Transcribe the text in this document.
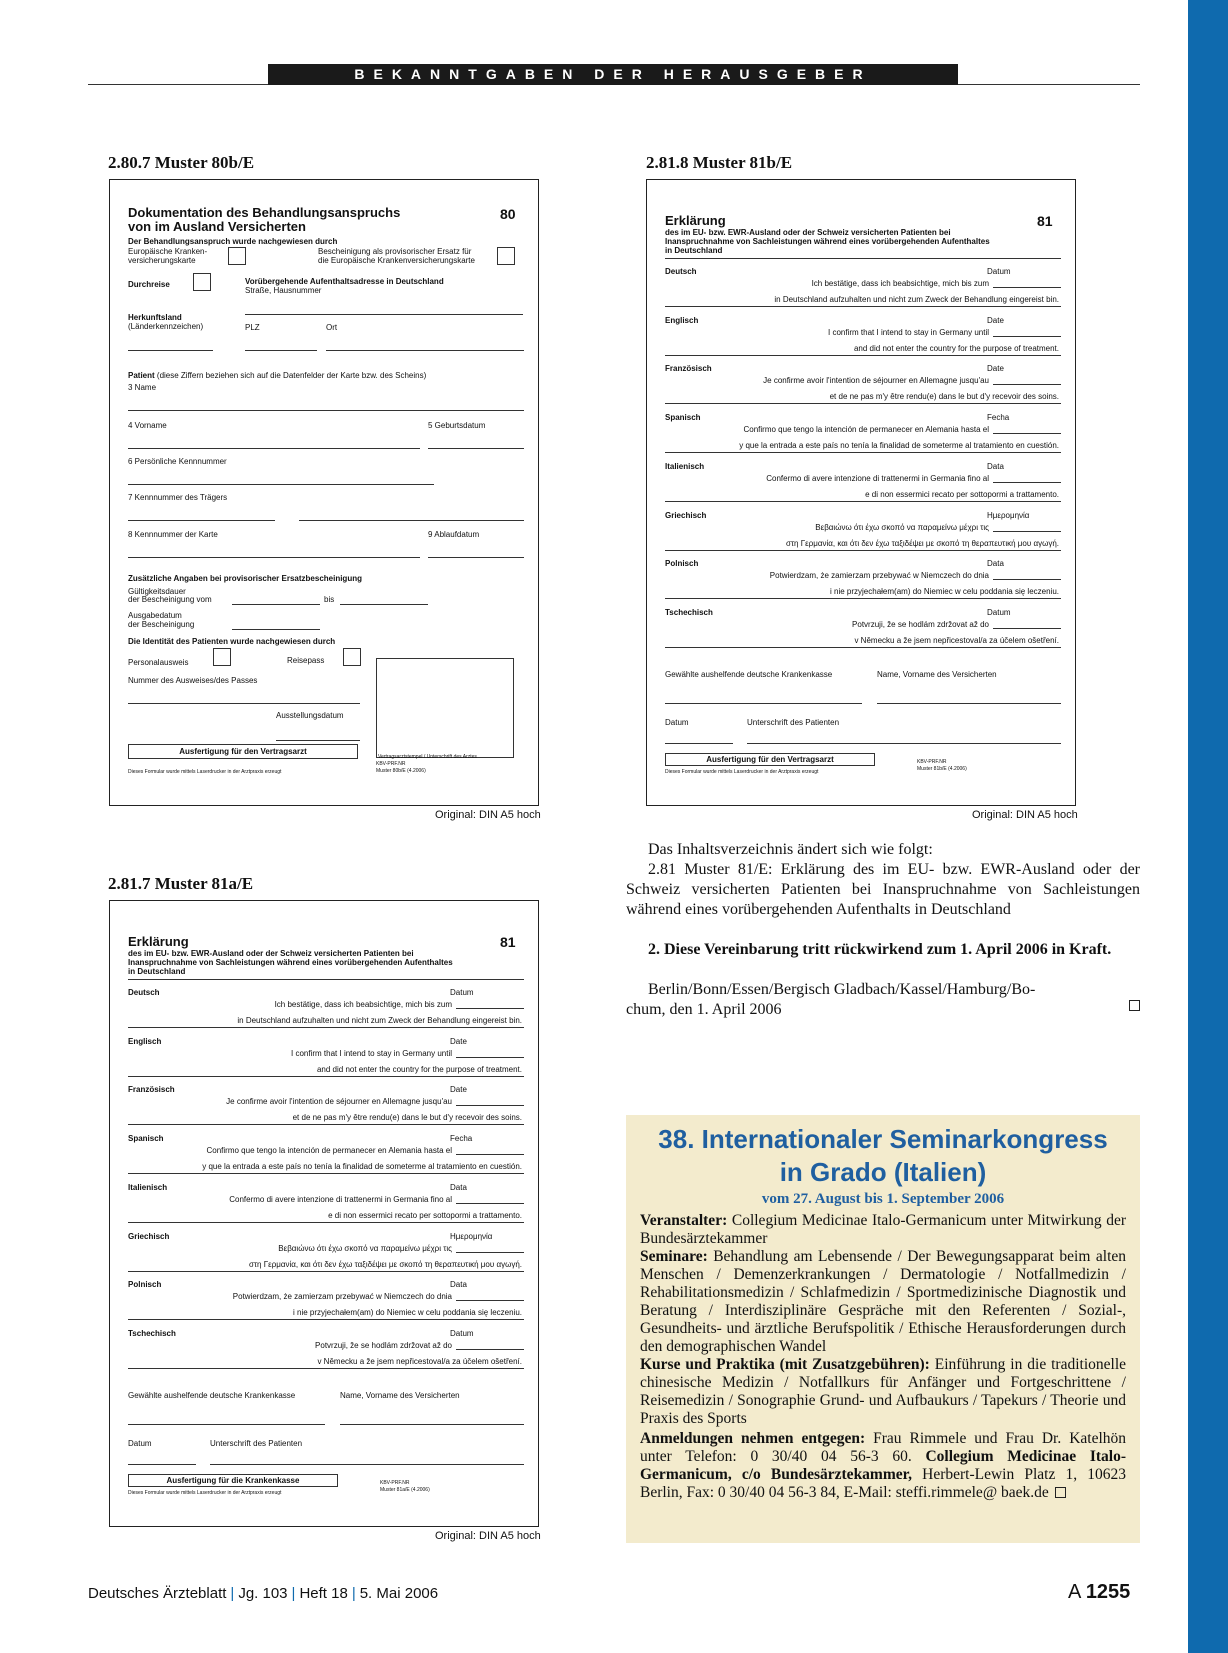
BEKANNTGABEN DER HERAUSGEBER
2.80.7 Muster 80b/E	2.81.8 Muster 81b/E
2.81.7 Muster 81a/E
Dokumentation des Behandlungsanspruchs
von im Ausland Versicherten
80
Der Behandlungsanspruch wurde nachgewiesen durch
Europäische Kranken-
versicherungskarte
Bescheinigung als provisorischer Ersatz für
die Europäische Krankenversicherungskarte
Durchreise	Vorübergehende Aufenthaltsadresse in Deutschland
Straße, Hausnummer
Herkunftsland
(Länderkennzeichen)	PLZ	Ort
Patient (diese Ziffern beziehen sich auf die Datenfelder der Karte bzw. des Scheins)
3 Name
4 Vorname	5 Geburtsdatum
6 Persönliche Kennnummer
7 Kennnummer des Trägers
8 Kennnummer der Karte	9 Ablaufdatum
Zusätzliche Angaben bei provisorischer Ersatzbescheinigung
Gültigkeitsdauer
der Bescheinigung vom	bis
Ausgabedatum
der Bescheinigung
Die Identität des Patienten wurde nachgewiesen durch
Personalausweis	Reisepass
Nummer des Ausweises/des Passes
Ausstellungsdatum
Vertragsarztstempel / Unterschrift des Arztes
Ausfertigung für den Vertragsarzt
Dieses Formular wurde mittels Laserdrucker in der Arztpraxis erzeugt
KBV-PRF.NR
Muster 80b/E (4.2006)
Original: DIN A5 hoch
Erklärung	81
des im EU- bzw. EWR-Ausland oder der Schweiz versicherten Patienten bei
Inanspruchnahme von Sachleistungen während eines vorübergehenden Aufenthaltes
in Deutschland
Deutsch	Datum
Ich bestätige, dass ich beabsichtige, mich bis zum
in Deutschland aufzuhalten und nicht zum Zweck der Behandlung eingereist bin.
Englisch	Date
I confirm that I intend to stay in Germany until
and did not enter the country for the purpose of treatment.
Französisch	Date
Je confirme avoir l'intention de séjourner en Allemagne jusqu'au
et de ne pas m'y être rendu(e) dans le but d'y recevoir des soins.
Spanisch	Fecha
Confirmo que tengo la intención de permanecer en Alemania hasta el
y que la entrada a este país no tenía la finalidad de someterme al tratamiento en cuestión.
Italienisch	Data
Confermo di avere intenzione di trattenermi in Germania fino al
e di non essermici recato per sottopormi a trattamento.
Griechisch	Ημερομηνία
Βεβαιώνω ότι έχω σκοπό να παραμείνω μέχρι τις
στη Γερμανία, και ότι δεν έχω ταξιδέψει με σκοπό τη θεραπευτική μου αγωγή.
Polnisch	Data
Potwierdzam, że zamierzam przebywać w Niemczech do dnia
i nie przyjechałem(am) do Niemiec w celu poddania się leczeniu.
Tschechisch	Datum
Potvrzuji, že se hodlám zdržovat až do
v Německu a že jsem nepřicestoval/a za účelem ošetření.
Gewählte aushelfende deutsche Krankenkasse	Name, Vorname des Versicherten
Datum	Unterschrift des Patienten
Ausfertigung für den Vertragsarzt
Dieses Formular wurde mittels Laserdrucker in der Arztpraxis erzeugt
KBV-PRF.NR
Muster 81b/E (4.2006)
Original: DIN A5 hoch
Erklärung	81
des im EU- bzw. EWR-Ausland oder der Schweiz versicherten Patienten bei
Inanspruchnahme von Sachleistungen während eines vorübergehenden Aufenthaltes
in Deutschland
Deutsch	Datum
Ich bestätige, dass ich beabsichtige, mich bis zum
in Deutschland aufzuhalten und nicht zum Zweck der Behandlung eingereist bin.
Englisch	Date
I confirm that I intend to stay in Germany until
and did not enter the country for the purpose of treatment.
Französisch	Date
Je confirme avoir l'intention de séjourner en Allemagne jusqu'au
et de ne pas m'y être rendu(e) dans le but d'y recevoir des soins.
Spanisch	Fecha
Confirmo que tengo la intención de permanecer en Alemania hasta el
y que la entrada a este país no tenía la finalidad de someterme al tratamiento en cuestión.
Italienisch	Data
Confermo di avere intenzione di trattenermi in Germania fino al
e di non essermici recato per sottopormi a trattamento.
Griechisch	Ημερομηνία
Βεβαιώνω ότι έχω σκοπό να παραμείνω μέχρι τις
στη Γερμανία, και ότι δεν έχω ταξιδέψει με σκοπό τη θεραπευτική μου αγωγή.
Polnisch	Data
Potwierdzam, że zamierzam przebywać w Niemczech do dnia
i nie przyjechałem(am) do Niemiec w celu poddania się leczeniu.
Tschechisch	Datum
Potvrzuji, že se hodlám zdržovat až do
v Německu a že jsem nepřicestoval/a za účelem ošetření.
Gewählte aushelfende deutsche Krankenkasse	Name, Vorname des Versicherten
Datum	Unterschrift des Patienten
Ausfertigung für die Krankenkasse
Dieses Formular wurde mittels Laserdrucker in der Arztpraxis erzeugt
KBV-PRF.NR
Muster 81a/E (4.2006)
Original: DIN A5 hoch
Das Inhaltsverzeichnis ändert sich wie folgt:
2.81 Muster 81/E: Erklärung des im EU- bzw. EWR-Ausland oder der Schweiz versicherten Patienten bei Inanspruchnahme von Sachleistungen während eines vorübergehenden Aufenthalts in Deutschland
2. Diese Vereinbarung tritt rückwirkend zum 1. April 2006 in Kraft.
Berlin/Bonn/Essen/Bergisch Gladbach/Kassel/Hamburg/Bo-
chum, den 1. April 2006
38. Internationaler Seminarkongress
in Grado (Italien)
vom 27. August bis 1. September 2006
Veranstalter: Collegium Medicinae Italo-Germanicum unter Mitwirkung der Bundesärztekammer
Seminare: Behandlung am Lebensende / Der Bewegungsapparat beim alten Menschen / Demenzerkrankungen / Dermatologie / Notfallmedizin / Rehabilitationsmedizin / Schlafmedizin / Sportmedizinische Diagnostik und Beratung / Interdisziplinäre Gespräche mit den Referenten / Sozial-, Gesundheits- und ärztliche Berufspolitik / Ethische Herausforderungen durch den demographischen Wandel
Kurse und Praktika (mit Zusatzgebühren): Einführung in die traditionelle chinesische Medizin / Notfallkurs für Anfänger und Fortgeschrittene / Reisemedizin / Sonographie Grund- und Aufbaukurs / Tapekurs / Theorie und Praxis des Sports
Anmeldungen nehmen entgegen: Frau Rimmele und Frau Dr. Katelhön unter Telefon: 0 30/40 04 56-3 60. Collegium Medicinae Italo-Germanicum, c/o Bundesärztekammer, Herbert-Lewin Platz 1, 10623 Berlin, Fax: 0 30/40 04 56-3 84, E-Mail: steffi.rimmele@ baek.de
Deutsches Ärzteblatt | Jg. 103 | Heft 18 | 5. Mai 2006	A 1255
